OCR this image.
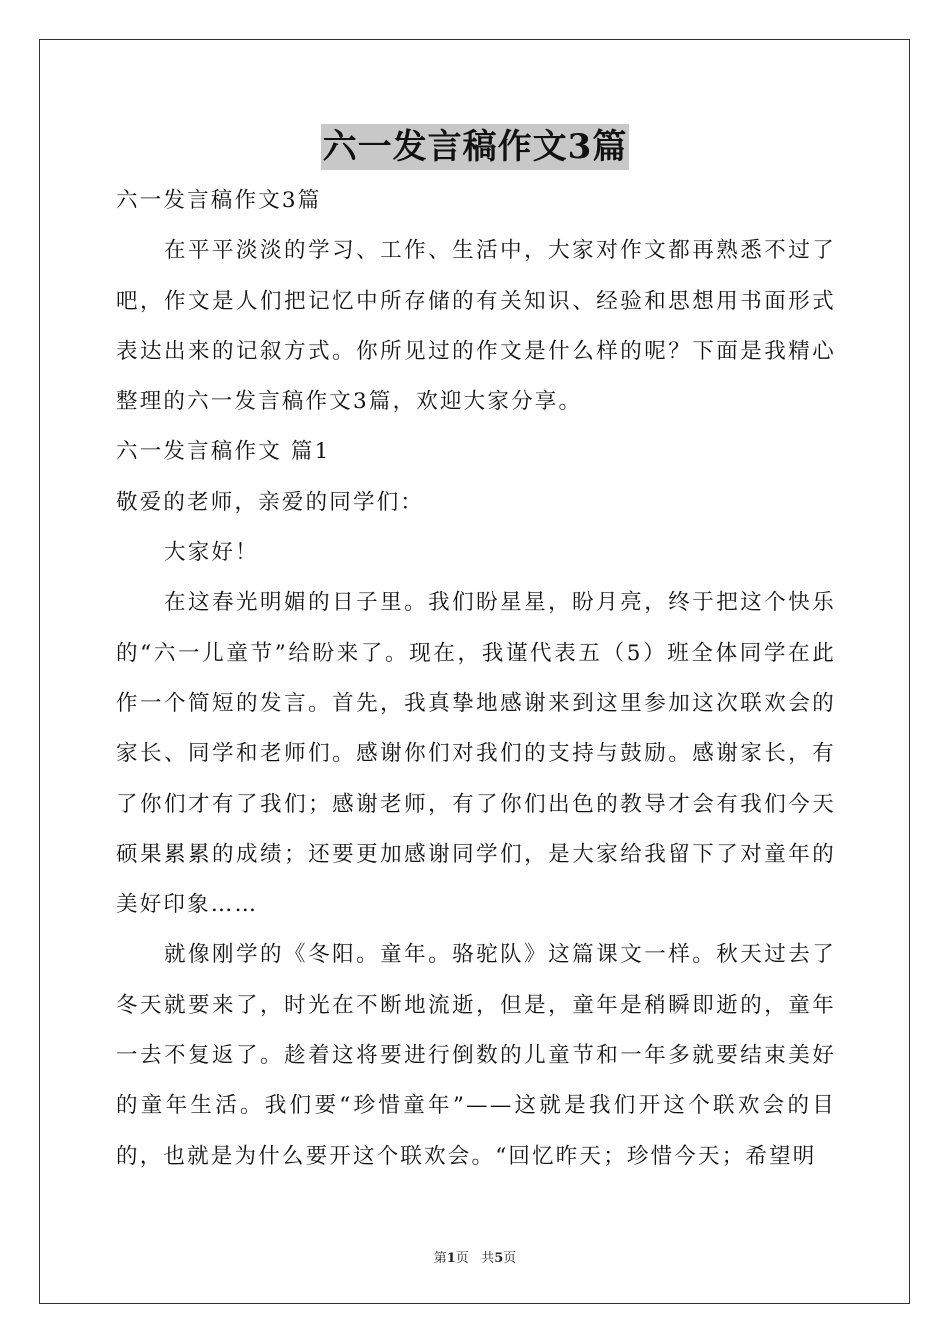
六一发言稿作文3篇

六一发言稿作文3篇

在平平淡淡的学习、工作、生活中，大家对作文都再熟悉不过了吧，作文是人们把记忆中所存储的有关知识、经验和思想用书面形式表达出来的记叙方式。你所见过的作文是什么样的呢？下面是我精心整理的六一发言稿作文3篇，欢迎大家分享。

六一发言稿作文 篇1

敬爱的老师，亲爱的同学们：

大家好！

在这春光明媚的日子里。我们盼星星，盼月亮，终于把这个快乐的“六一儿童节”给盼来了。现在，我谨代表五（5）班全体同学在此作一个简短的发言。首先，我真挚地感谢来到这里参加这次联欢会的家长、同学和老师们。感谢你们对我们的支持与鼓励。感谢家长，有了你们才有了我们；感谢老师，有了你们出色的教导才会有我们今天硕果累累的成绩；还要更加感谢同学们，是大家给我留下了对童年的美好印象……

就像刚学的《冬阳。童年。骆驼队》这篇课文一样。秋天过去了冬天就要来了，时光在不断地流逝，但是，童年是稍瞬即逝的，童年一去不复返了。趁着这将要进行倒数的儿童节和一年多就要结束美好的童年生活。我们要“珍惜童年”——这就是我们开这个联欢会的目的，也就是为什么要开这个联欢会。“回忆昨天；珍惜今天；希望明

第1页 共5页
